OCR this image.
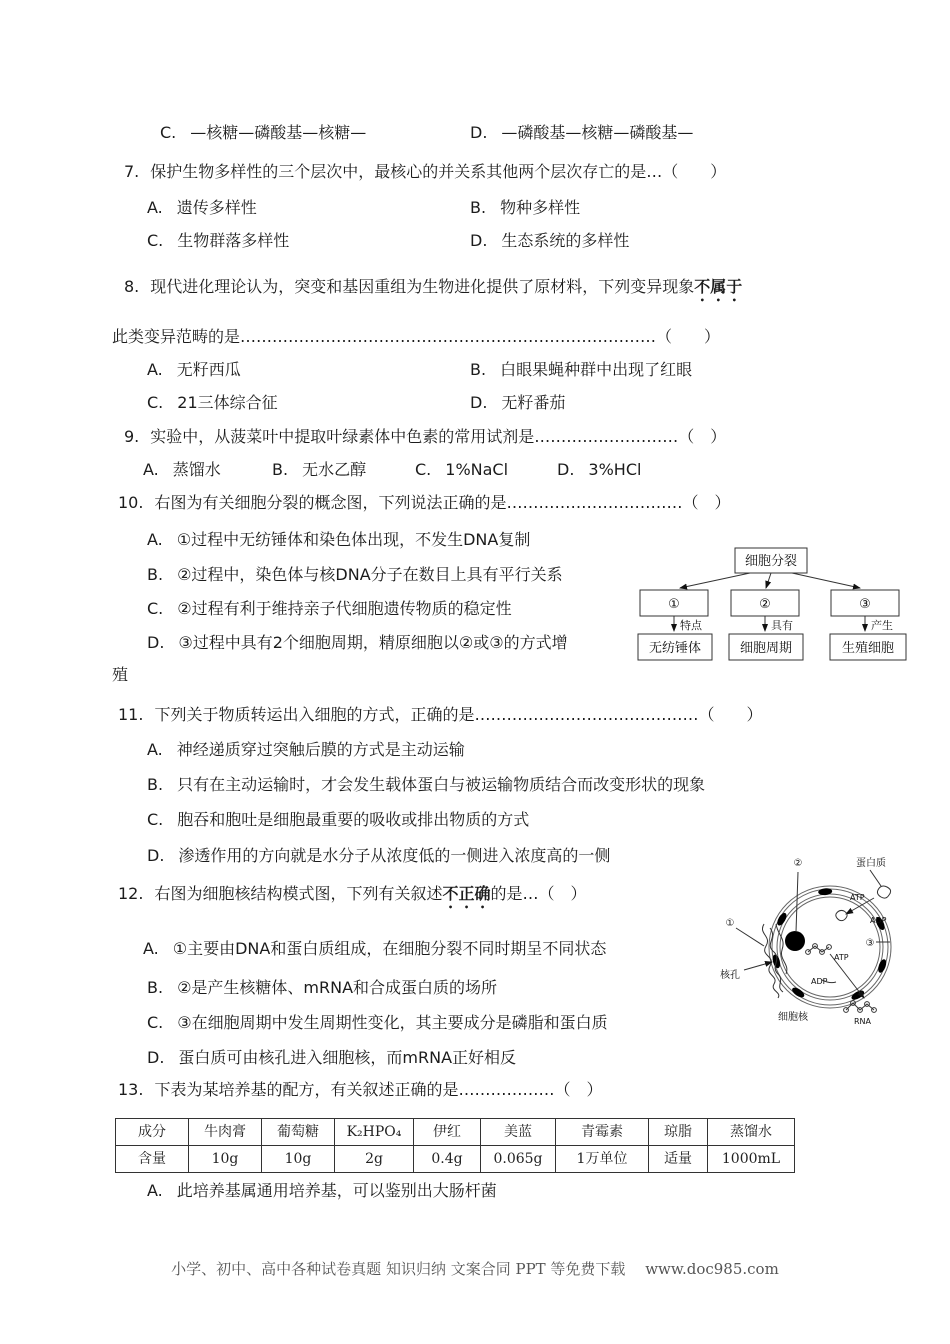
C. —核糖—磷酸基—核糖—	D. —磷酸基—核糖—磷酸基—
7. 保护生物多样性的三个层次中，最核心的并关系其他两个层次存亡的是…（　　）
A. 遗传多样性	B. 物种多样性
C. 生物群落多样性	D. 生态系统的多样性
8. 现代进化理论认为，突变和基因重组为生物进化提供了原材料，下列变异现象不属于
此类变异范畴的是……………………………………………………………………（　　）
A. 无籽西瓜	B. 白眼果蝇种群中出现了红眼
C. 21三体综合征	D. 无籽番茄
9. 实验中，从菠菜叶中提取叶绿素体中色素的常用试剂是………………………（　）
A. 蒸馏水	B. 无水乙醇	C. 1%NaCl	D. 3%HCl
10. 右图为有关细胞分裂的概念图，下列说法正确的是……………………………（　）
A. ①过程中无纺锤体和染色体出现，不发生DNA复制
B. ②过程中，染色体与核DNA分子在数目上具有平行关系
C. ②过程有利于维持亲子代细胞遗传物质的稳定性
D. ③过程中具有2个细胞周期，精原细胞以②或③的方式增
殖
细胞分裂
①	②	③
特点	具有	产生
无纺锤体	细胞周期	生殖细胞
11. 下列关于物质转运出入细胞的方式，正确的是……………………………………（　　）
A. 神经递质穿过突触后膜的方式是主动运输
B. 只有在主动运输时，才会发生载体蛋白与被运输物质结合而改变形状的现象
C. 胞吞和胞吐是细胞最重要的吸收或排出物质的方式
D. 渗透作用的方向就是水分子从浓度低的一侧进入浓度高的一侧
12. 右图为细胞核结构模式图，下列有关叙述不正确的是…（　）
A. ①主要由DNA和蛋白质组成，在细胞分裂不同时期呈不同状态
B. ②是产生核糖体、mRNA和合成蛋白质的场所
C. ③在细胞周期中发生周期性变化，其主要成分是磷脂和蛋白质
D. 蛋白质可由核孔进入细胞核，而mRNA正好相反
②
①
核孔
蛋白质
ATP
ADP
③
ATP
ADP
RNA
细胞核
13. 下表为某培养基的配方，有关叙述正确的是………………（　）
成分	牛肉膏	葡萄糖	K₂HPO₄	伊红	美蓝	青霉素	琼脂	蒸馏水
含量	10g	10g	2g	0.4g	0.065g	1万单位	适量	1000mL
A. 此培养基属通用培养基，可以鉴别出大肠杆菌
小学、初中、高中各种试卷真题 知识归纳 文案合同 PPT 等免费下载　 www.doc985.com
